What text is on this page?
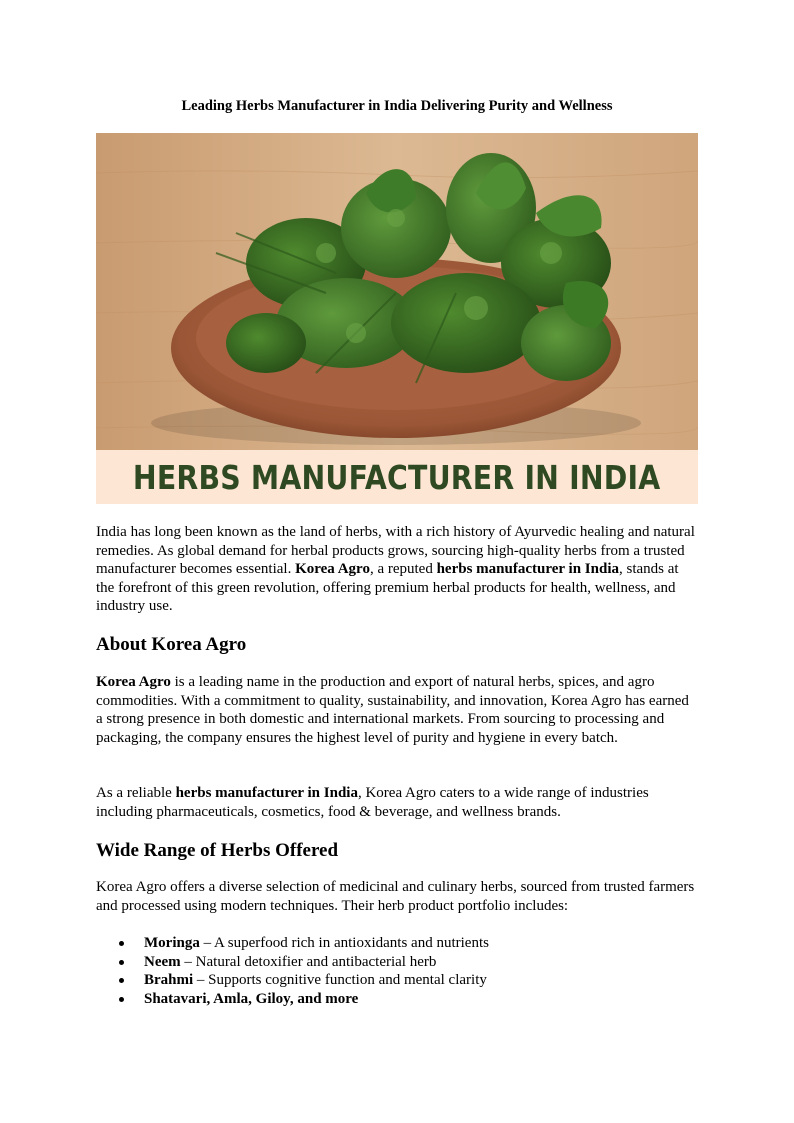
Leading Herbs Manufacturer in India Delivering Purity and Wellness
HERBS MANUFACTURER IN INDIA
India has long been known as the land of herbs, with a rich history of Ayurvedic healing and natural remedies. As global demand for herbal products grows, sourcing high-quality herbs from a trusted manufacturer becomes essential. Korea Agro, a reputed herbs manufacturer in India, stands at the forefront of this green revolution, offering premium herbal products for health, wellness, and industry use.
About Korea Agro
Korea Agro is a leading name in the production and export of natural herbs, spices, and agro commodities. With a commitment to quality, sustainability, and innovation, Korea Agro has earned a strong presence in both domestic and international markets. From sourcing to processing and packaging, the company ensures the highest level of purity and hygiene in every batch.
As a reliable herbs manufacturer in India, Korea Agro caters to a wide range of industries including pharmaceuticals, cosmetics, food & beverage, and wellness brands.
Wide Range of Herbs Offered
Korea Agro offers a diverse selection of medicinal and culinary herbs, sourced from trusted farmers and processed using modern techniques. Their herb product portfolio includes:
Moringa – A superfood rich in antioxidants and nutrients
Neem – Natural detoxifier and antibacterial herb
Brahmi – Supports cognitive function and mental clarity
Shatavari, Amla, Giloy, and more
